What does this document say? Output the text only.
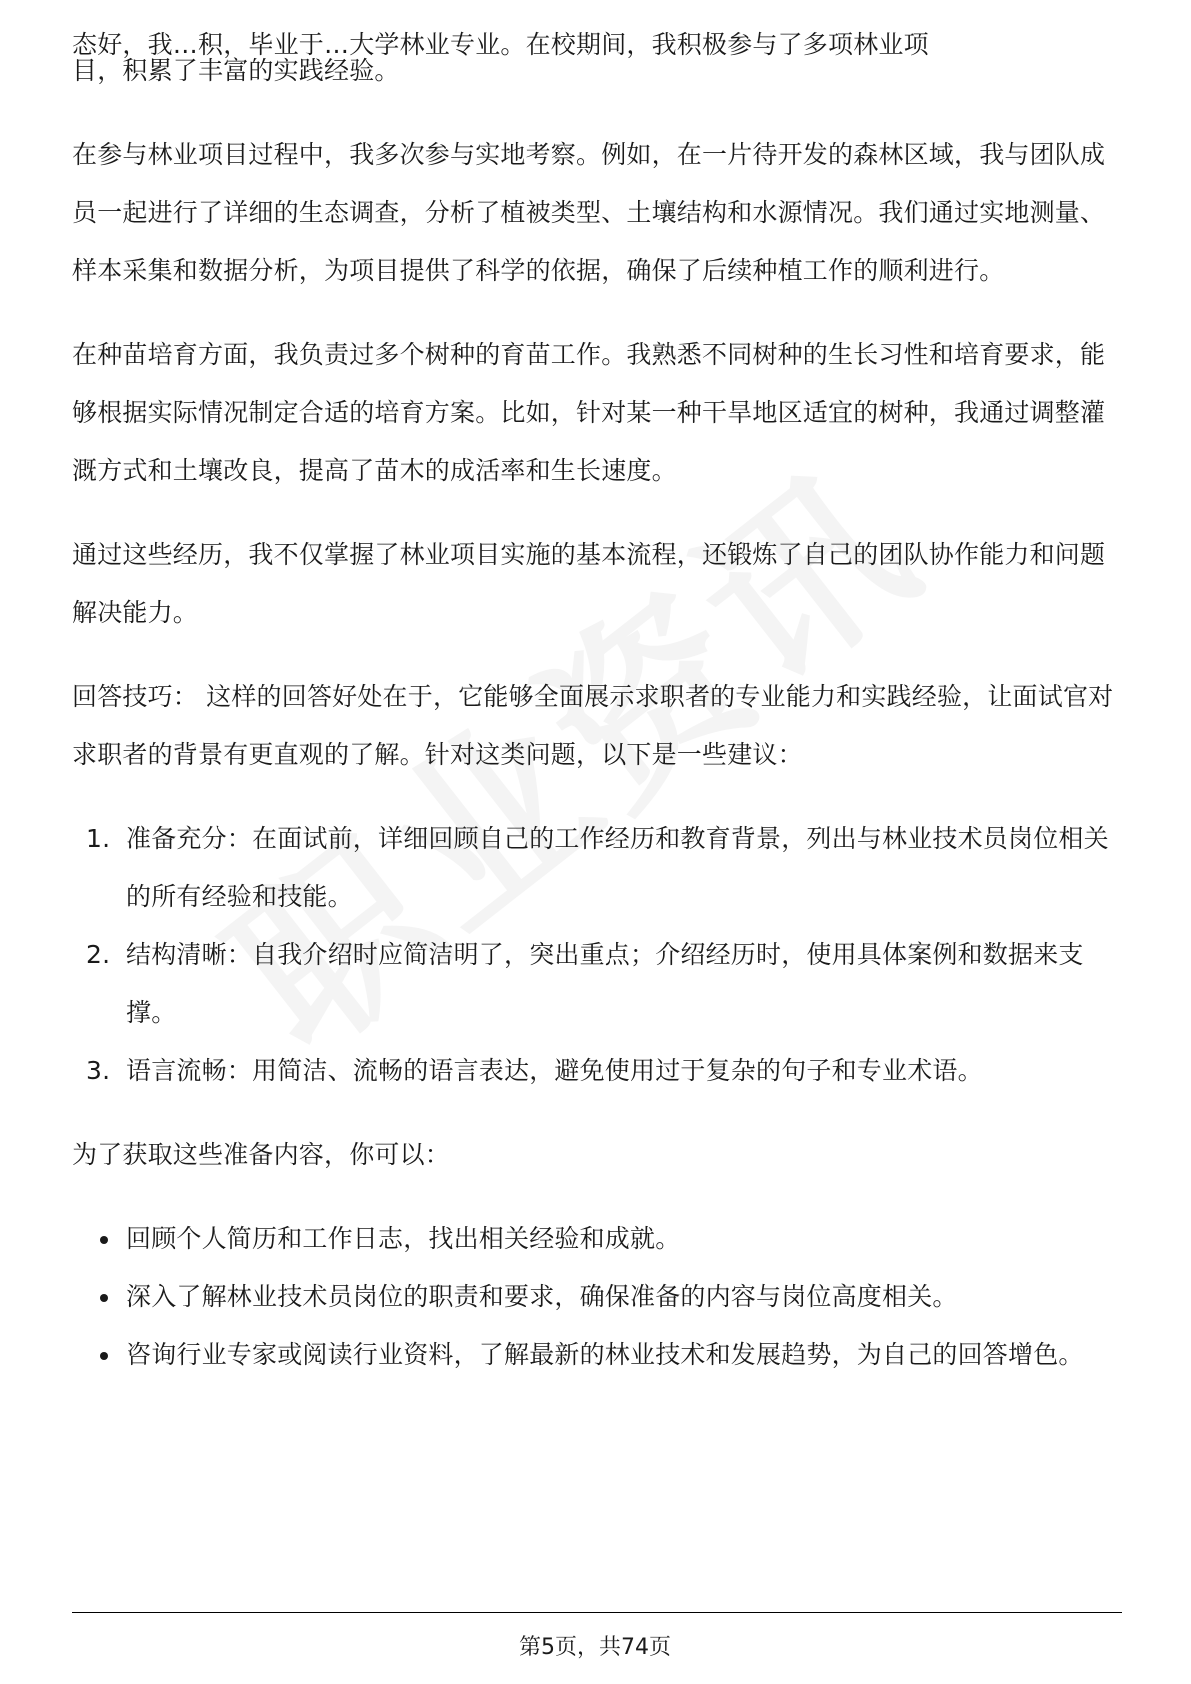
态好，我…积，毕业于…大学林业专业。在校期间，我积极参与了多项林业项
目，积累了丰富的实践经验。

在参与林业项目过程中，我多次参与实地考察。例如，在一片待开发的森林区域，我与团队成员一起进行了详细的生态调查，分析了植被类型、土壤结构和水源情况。我们通过实地测量、样本采集和数据分析，为项目提供了科学的依据，确保了后续种植工作的顺利进行。

在种苗培育方面，我负责过多个树种的育苗工作。我熟悉不同树种的生长习性和培育要求，能够根据实际情况制定合适的培育方案。比如，针对某一种干旱地区适宜的树种，我通过调整灌溉方式和土壤改良，提高了苗木的成活率和生长速度。

通过这些经历，我不仅掌握了林业项目实施的基本流程，还锻炼了自己的团队协作能力和问题解决能力。

回答技巧： 这样的回答好处在于，它能够全面展示求职者的专业能力和实践经验，让面试官对求职者的背景有更直观的了解。针对这类问题，以下是一些建议：

1. 准备充分：在面试前，详细回顾自己的工作经历和教育背景，列出与林业技术员岗位相关的所有经验和技能。
2. 结构清晰：自我介绍时应简洁明了，突出重点；介绍经历时，使用具体案例和数据来支撑。
3. 语言流畅：用简洁、流畅的语言表达，避免使用过于复杂的句子和专业术语。

为了获取这些准备内容，你可以：

回顾个人简历和工作日志，找出相关经验和成就。
深入了解林业技术员岗位的职责和要求，确保准备的内容与岗位高度相关。
咨询行业专家或阅读行业资料，了解最新的林业技术和发展趋势，为自己的回答增色。
第5页，共74页
